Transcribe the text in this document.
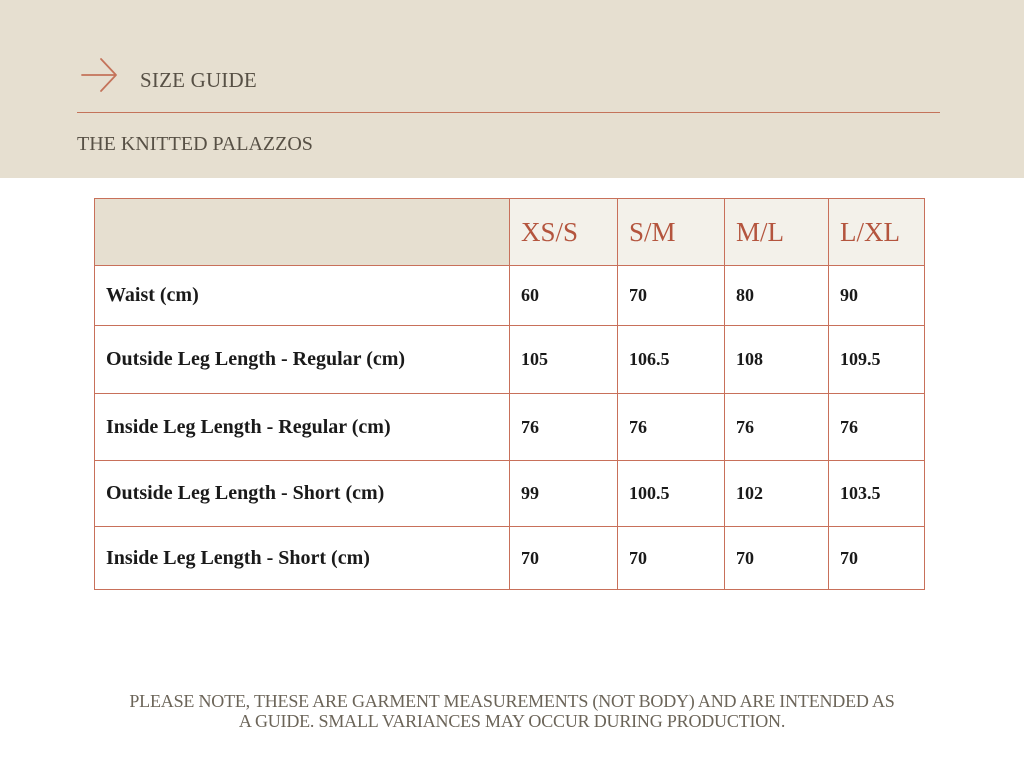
SIZE GUIDE
THE KNITTED PALAZZOS
	XS/S	S/M	M/L	L/XL
Waist (cm)	60	70	80	90
Outside Leg Length - Regular (cm)	105	106.5	108	109.5
Inside Leg Length - Regular (cm)	76	76	76	76
Outside Leg Length - Short (cm)	99	100.5	102	103.5
Inside Leg Length - Short (cm)	70	70	70	70
PLEASE NOTE, THESE ARE GARMENT MEASUREMENTS (NOT BODY) AND ARE INTENDED AS
A GUIDE. SMALL VARIANCES MAY OCCUR DURING PRODUCTION.
